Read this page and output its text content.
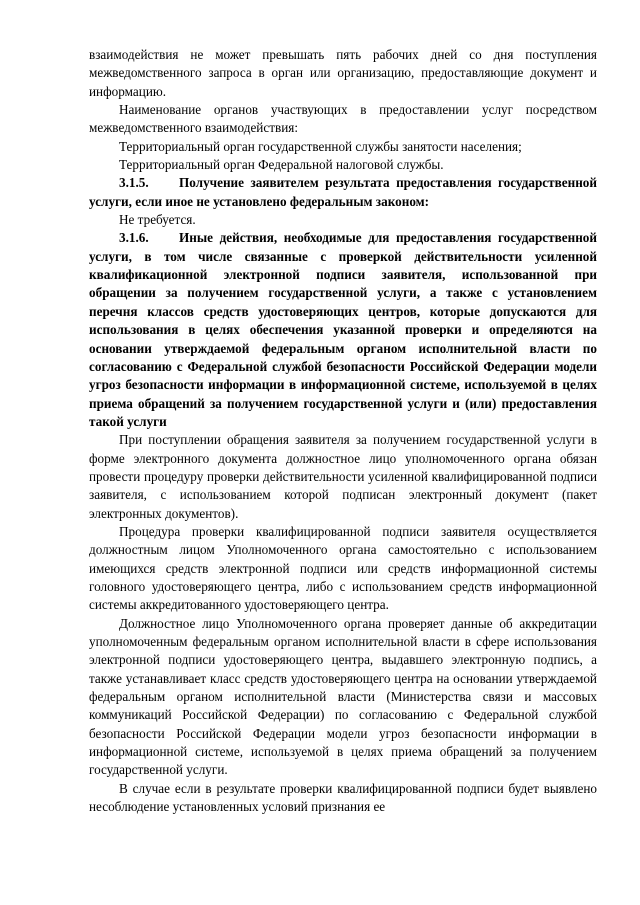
взаимодействия не может превышать пять рабочих дней со дня поступления межведомственного запроса в орган или организацию, предоставляющие документ и информацию.

Наименование органов участвующих в предоставлении услуг посредством межведомственного взаимодействия:

Территориальный орган государственной службы занятости населения;

Территориальный орган Федеральной налоговой службы.

3.1.5. Получение заявителем результата предоставления государственной услуги, если иное не установлено федеральным законом:

Не требуется.

3.1.6. Иные действия, необходимые для предоставления государственной услуги, в том числе связанные с проверкой действительности усиленной квалификационной электронной подписи заявителя, использованной при обращении за получением государственной услуги, а также с установлением перечня классов средств удостоверяющих центров, которые допускаются для использования в целях обеспечения указанной проверки и определяются на основании утверждаемой федеральным органом исполнительной власти по согласованию с Федеральной службой безопасности Российской Федерации модели угроз безопасности информации в информационной системе, используемой в целях приема обращений за получением государственной услуги и (или) предоставления такой услуги

При поступлении обращения заявителя за получением государственной услуги в форме электронного документа должностное лицо уполномоченного органа обязан провести процедуру проверки действительности усиленной квалифицированной подписи заявителя, с использованием которой подписан электронный документ (пакет электронных документов).

Процедура проверки квалифицированной подписи заявителя осуществляется должностным лицом Уполномоченного органа самостоятельно с использованием имеющихся средств электронной подписи или средств информационной системы головного удостоверяющего центра, либо с использованием средств информационной системы аккредитованного удостоверяющего центра.

Должностное лицо Уполномоченного органа проверяет данные об аккредитации уполномоченным федеральным органом исполнительной власти в сфере использования электронной подписи удостоверяющего центра, выдавшего электронную подпись, а также устанавливает класс средств удостоверяющего центра на основании утверждаемой федеральным органом исполнительной власти (Министерства связи и массовых коммуникаций Российской Федерации) по согласованию с Федеральной службой безопасности Российской Федерации модели угроз безопасности информации в информационной системе, используемой в целях приема обращений за получением государственной услуги.

В случае если в результате проверки квалифицированной подписи будет выявлено несоблюдение установленных условий признания ее
